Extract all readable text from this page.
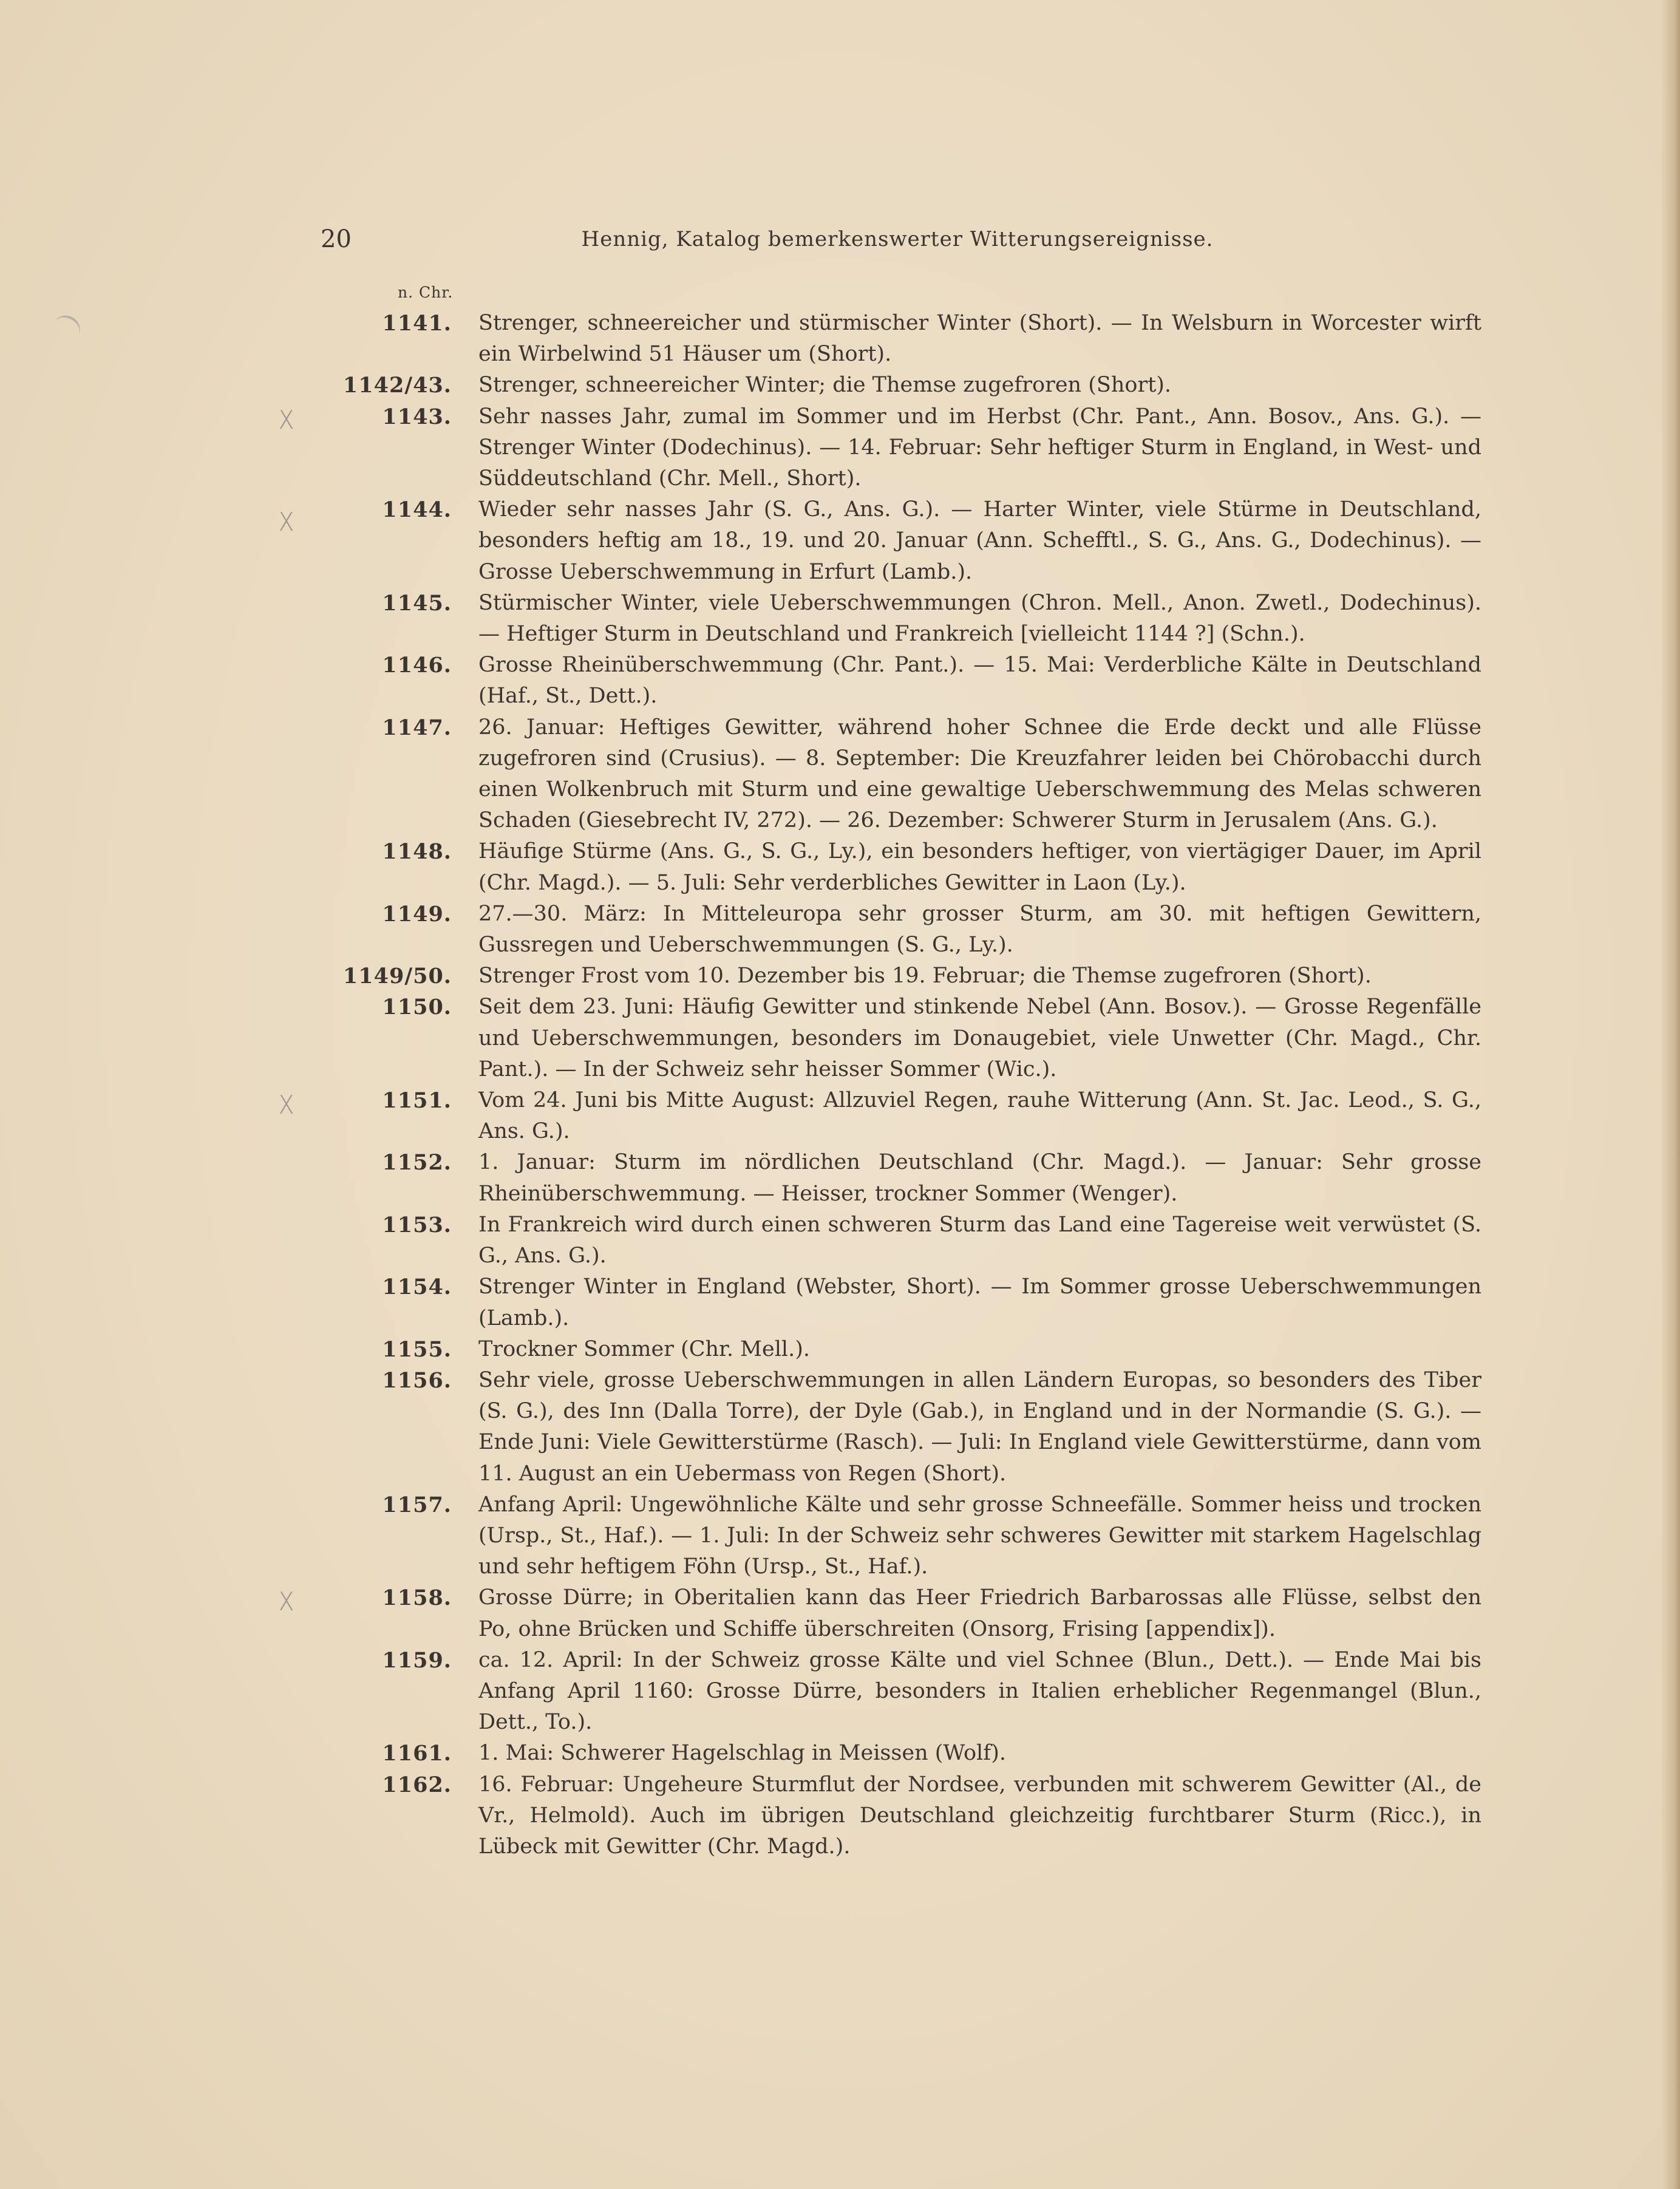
20	Hennig, Katalog bemerkenswerter Witterungsereignisse.
n. Chr.
x
x
x
x
1141. Strenger, schneereicher und stürmischer Winter (Short). — In Welsburn in Worcester wirft ein Wirbelwind 51 Häuser um (Short).
1142/43. Strenger, schneereicher Winter; die Themse zugefroren (Short).
1143. Sehr nasses Jahr, zumal im Sommer und im Herbst (Chr. Pant., Ann. Bosov., Ans. G.). — Strenger Winter (Dodechinus). — 14. Februar: Sehr heftiger Sturm in England, in West- und Süddeutschland (Chr. Mell., Short).
1144. Wieder sehr nasses Jahr (S. G., Ans. G.). — Harter Winter, viele Stürme in Deutschland, besonders heftig am 18., 19. und 20. Januar (Ann. Schefftl., S. G., Ans. G., Dodechinus). — Grosse Ueberschwemmung in Erfurt (Lamb.).
1145. Stürmischer Winter, viele Ueberschwemmungen (Chron. Mell., Anon. Zwetl., Dodechinus). — Heftiger Sturm in Deutschland und Frankreich [vielleicht 1144 ?] (Schn.).
1146. Grosse Rheinüberschwemmung (Chr. Pant.). — 15. Mai: Verderbliche Kälte in Deutschland (Haf., St., Dett.).
1147. 26. Januar: Heftiges Gewitter, während hoher Schnee die Erde deckt und alle Flüsse zugefroren sind (Crusius). — 8. September: Die Kreuzfahrer leiden bei Chörobacchi durch einen Wolkenbruch mit Sturm und eine gewaltige Ueberschwemmung des Melas schweren Schaden (Giesebrecht IV, 272). — 26. Dezember: Schwerer Sturm in Jerusalem (Ans. G.).
1148. Häufige Stürme (Ans. G., S. G., Ly.), ein besonders heftiger, von viertägiger Dauer, im April (Chr. Magd.). — 5. Juli: Sehr verderbliches Gewitter in Laon (Ly.).
1149. 27.—30. März: In Mitteleuropa sehr grosser Sturm, am 30. mit heftigen Gewittern, Gussregen und Ueberschwemmungen (S. G., Ly.).
1149/50. Strenger Frost vom 10. Dezember bis 19. Februar; die Themse zugefroren (Short).
1150. Seit dem 23. Juni: Häufig Gewitter und stinkende Nebel (Ann. Bosov.). — Grosse Regenfälle und Ueberschwemmungen, besonders im Donaugebiet, viele Unwetter (Chr. Magd., Chr. Pant.). — In der Schweiz sehr heisser Sommer (Wic.).
1151. Vom 24. Juni bis Mitte August: Allzuviel Regen, rauhe Witterung (Ann. St. Jac. Leod., S. G., Ans. G.).
1152. 1. Januar: Sturm im nördlichen Deutschland (Chr. Magd.). — Januar: Sehr grosse Rheinüberschwemmung. — Heisser, trockner Sommer (Wenger).
1153. In Frankreich wird durch einen schweren Sturm das Land eine Tagereise weit verwüstet (S. G., Ans. G.).
1154. Strenger Winter in England (Webster, Short). — Im Sommer grosse Ueberschwemmungen (Lamb.).
1155. Trockner Sommer (Chr. Mell.).
1156. Sehr viele, grosse Ueberschwemmungen in allen Ländern Europas, so besonders des Tiber (S. G.), des Inn (Dalla Torre), der Dyle (Gab.), in England und in der Normandie (S. G.). — Ende Juni: Viele Gewitterstürme (Rasch). — Juli: In England viele Gewitterstürme, dann vom 11. August an ein Uebermass von Regen (Short).
1157. Anfang April: Ungewöhnliche Kälte und sehr grosse Schneefälle. Sommer heiss und trocken (Ursp., St., Haf.). — 1. Juli: In der Schweiz sehr schweres Gewitter mit starkem Hagelschlag und sehr heftigem Föhn (Ursp., St., Haf.).
1158. Grosse Dürre; in Oberitalien kann das Heer Friedrich Barbarossas alle Flüsse, selbst den Po, ohne Brücken und Schiffe überschreiten (Onsorg, Frising [appendix]).
1159. ca. 12. April: In der Schweiz grosse Kälte und viel Schnee (Blun., Dett.). — Ende Mai bis Anfang April 1160: Grosse Dürre, besonders in Italien erheblicher Regenmangel (Blun., Dett., To.).
1161. 1. Mai: Schwerer Hagelschlag in Meissen (Wolf).
1162. 16. Februar: Ungeheure Sturmflut der Nordsee, verbunden mit schwerem Gewitter (Al., de Vr., Helmold). Auch im übrigen Deutschland gleichzeitig furchtbarer Sturm (Ricc.), in Lübeck mit Gewitter (Chr. Magd.).
